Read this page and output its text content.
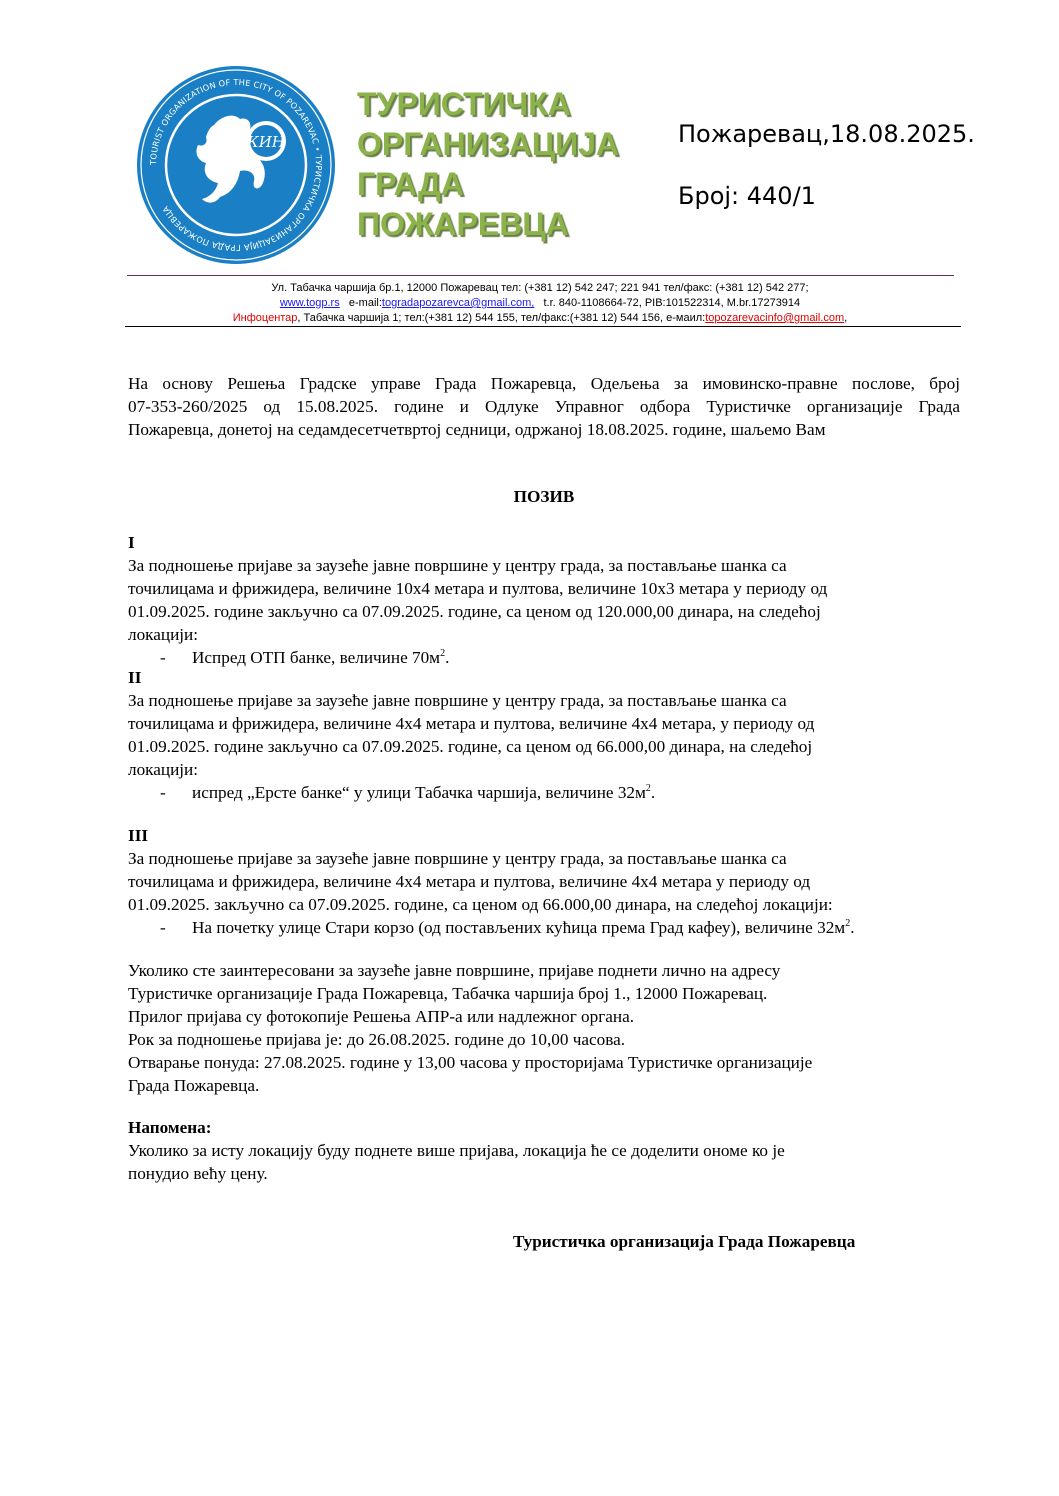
TOURIST ORGANIZATION OF THE CITY OF POZAREVAC • ТУРИСТИЧКА ОРГАНИЗАЦИЈА ГРАДА ПОЖАРЕВЦА
КИН
ТУРИСТИЧКА
ОРГАНИЗАЦИЈА
ГРАДА
ПОЖАРЕВЦА
Пожаревац,18.08.2025.
Број: 440/1
Ул. Табачка чаршија бр.1, 12000 Пожаревац тел: (+381 12) 542 247; 221 941 тел/факс: (+381 12) 542 277;
www.togp.rs e-mail:togradapozarevca@gmail.com, t.r. 840-1108664-72, PIB:101522314, M.br.17273914
Инфоцентар, Табачка чаршија 1; тел:(+381 12) 544 155, тел/факс:(+381 12) 544 156, е-маил:topozarevacinfo@gmail.com,
На основу Решења Градске управе Града Пожаревца, Одељења за имовинско-правне послове, број
07-353-260/2025 од 15.08.2025. године и Одлуке Управног одбора Туристичке организације Града
Пожаревца, донетој на седамдесетчетвртој седници, одржаној 18.08.2025. године, шаљемо Вам
ПОЗИВ
I
За подношење пријаве за заузеће јавне површине у центру града, за постављање шанка са
точилицама и фрижидера, величине 10х4 метара и пултова, величине 10х3 метара у периоду од
01.09.2025. године закључно са 07.09.2025. године, са ценом од 120.000,00 динара, на следећој
локацији:
- Испред ОТП банке, величине $70м^2$.
II
За подношење пријаве за заузеће јавне површине у центру града, за постављање шанка са
точилицама и фрижидера, величине 4х4 метара и пултова, величине 4х4 метара, у периоду од
01.09.2025. године закључно са 07.09.2025. године, са ценом од 66.000,00 динара, на следећој
локацији:
- испред „Ерсте банке“ у улици Табачка чаршија, величине $32м^2$.
III
За подношење пријаве за заузеће јавне површине у центру града, за постављање шанка са
точилицама и фрижидера, величине 4х4 метара и пултова, величине 4х4 метара у периоду од
01.09.2025. закључно са 07.09.2025. године, са ценом од 66.000,00 динара, на следећој локацији:
- На почетку улице Стари корзо (од постављених кућица према Град кафеу), величине $32м^2$.
Уколико сте заинтересовани за заузеће јавне површине, пријаве поднети лично на адресу
Туристичке организације Града Пожаревца, Табачка чаршија број 1., 12000 Пожаревац.
Прилог пријава су фотокопије Решења АПР-а или надлежног органа.
Рок за подношење пријава је: до 26.08.2025. године до 10,00 часова.
Отварање понуда: 27.08.2025. године у 13,00 часова у просторијама Туристичке организације
Града Пожаревца.
Напомена:
Уколико за исту локацију буду поднете више пријава, локација ће се доделити ономе ко је
понудио већу цену.
Туристичка организација Града Пожаревца
